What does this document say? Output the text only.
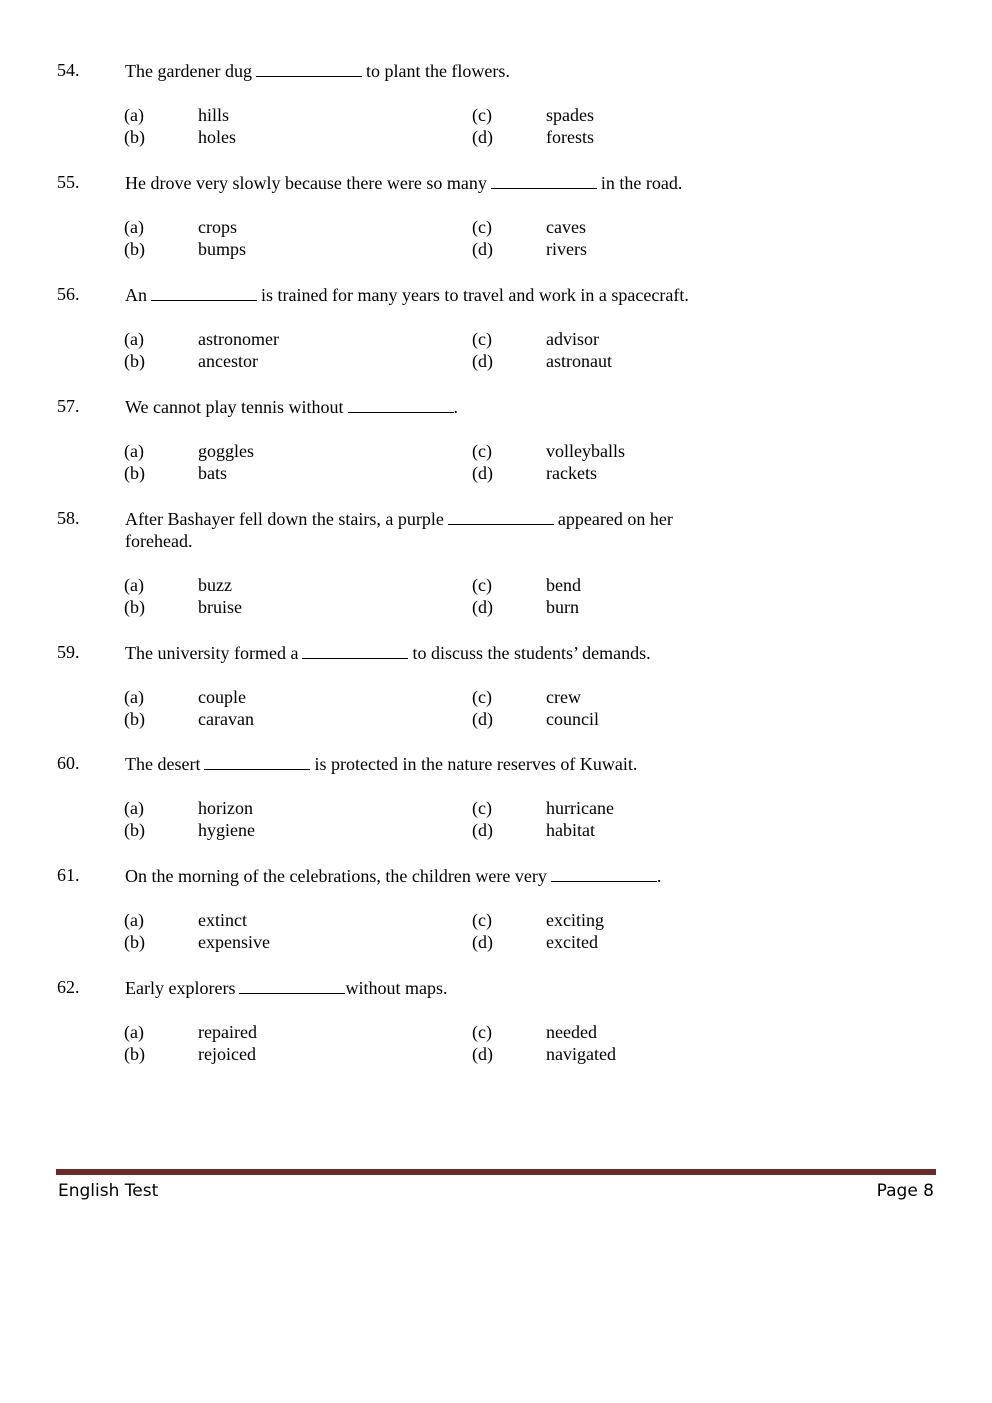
54.	The gardener dug	to plant the flowers.
(a)	hills
(b)	holes
(c)	spades
(d)	forests
55.	He drove very slowly because there were so many	in the road.
(a)	crops
(b)	bumps
(c)	caves
(d)	rivers
56.	An	is trained for many years to travel and work in a spacecraft.
(a)	astronomer
(b)	ancestor
(c)	advisor
(d)	astronaut
57.	We cannot play tennis without	.
(a)	goggles
(b)	bats
(c)	volleyballs
(d)	rackets
58.	After Bashayer fell down the stairs, a purple	appeared on her forehead.
(a)	buzz
(b)	bruise
(c)	bend
(d)	burn
59.	The university formed a	to discuss the students’ demands.
(a)	couple
(b)	caravan
(c)	crew
(d)	council
60.	The desert	is protected in the nature reserves of Kuwait.
(a)	horizon
(b)	hygiene
(c)	hurricane
(d)	habitat
61.	On the morning of the celebrations, the children were very	.
(a)	extinct
(b)	expensive
(c)	exciting
(d)	excited
62.	Early explorers	without maps.
(a)	repaired
(b)	rejoiced
(c)	needed
(d)	navigated
English Test	Page 8
